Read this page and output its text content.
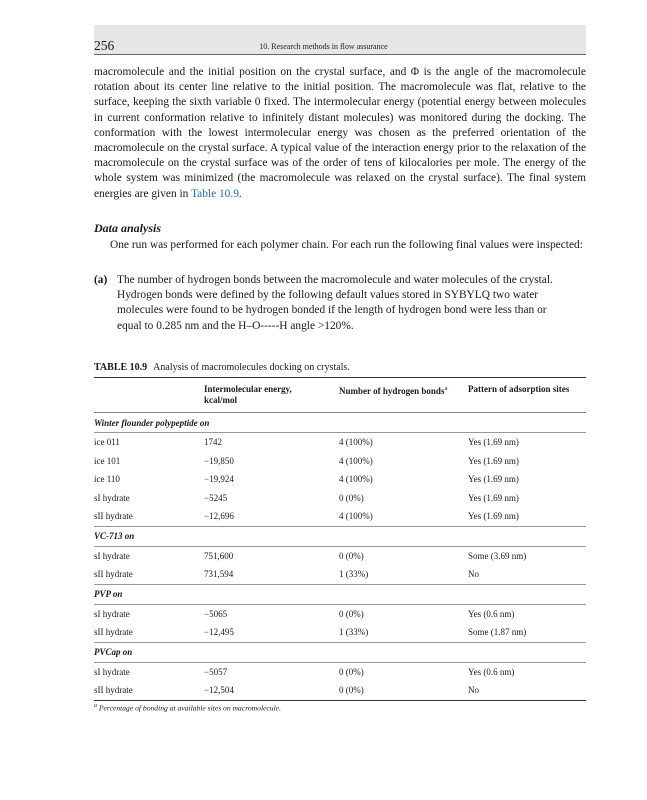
256	10. Research methods in flow assurance

macromolecule and the initial position on the crystal surface, and Φ is the angle of the macromolecule rotation about its center line relative to the initial position. The macromolecule was flat, relative to the surface, keeping the sixth variable 0 fixed. The intermolecular energy (potential energy between molecules in current conformation relative to infinitely distant molecules) was monitored during the docking. The conformation with the lowest intermolecular energy was chosen as the preferred orientation of the macromolecule on the crystal surface. A typical value of the interaction energy prior to the relaxation of the macromolecule on the crystal surface was of the order of tens of kilocalories per mole. The energy of the whole system was minimized (the macromolecule was relaxed on the crystal surface). The final system energies are given in Table 10.9.

Data analysis

One run was performed for each polymer chain. For each run the following final values were inspected:

(a) The number of hydrogen bonds between the macromolecule and water molecules of the crystal. Hydrogen bonds were defined by the following default values stored in SYBYLQ two water molecules were found to be hydrogen bonded if the length of hydrogen bond were less than or equal to 0.285 nm and the H–O-----H angle >120%.
TABLE 10.9 Analysis of macromolecules docking on crystals.
	Intermolecular energy, kcal/mol	Number of hydrogen bonds$^a$	Pattern of adsorption sites
Winter flounder polypeptide on			
ice 011	1742	4 (100%)	Yes (1.69 nm)
ice 101	−19,850	4 (100%)	Yes (1.69 nm)
ice 110	−19,924	4 (100%)	Yes (1.69 nm)
sI hydrate	−5245	0 (0%)	Yes (1.69 nm)
sII hydrate	−12,696	4 (100%)	Yes (1.69 nm)
VC-713 on			
sI hydrate	751,600	0 (0%)	Some (3.69 nm)
sII hydrate	731,594	1 (33%)	No
PVP on			
sI hydrate	−5065	0 (0%)	Yes (0.6 nm)
sII hydrate	−12,495	1 (33%)	Some (1.87 nm)
PVCap on			
sI hydrate	−5057	0 (0%)	Yes (0.6 nm)
sII hydrate	−12,504	0 (0%)	No
$^a$ Percentage of bonding at available sites on macromolecule.
